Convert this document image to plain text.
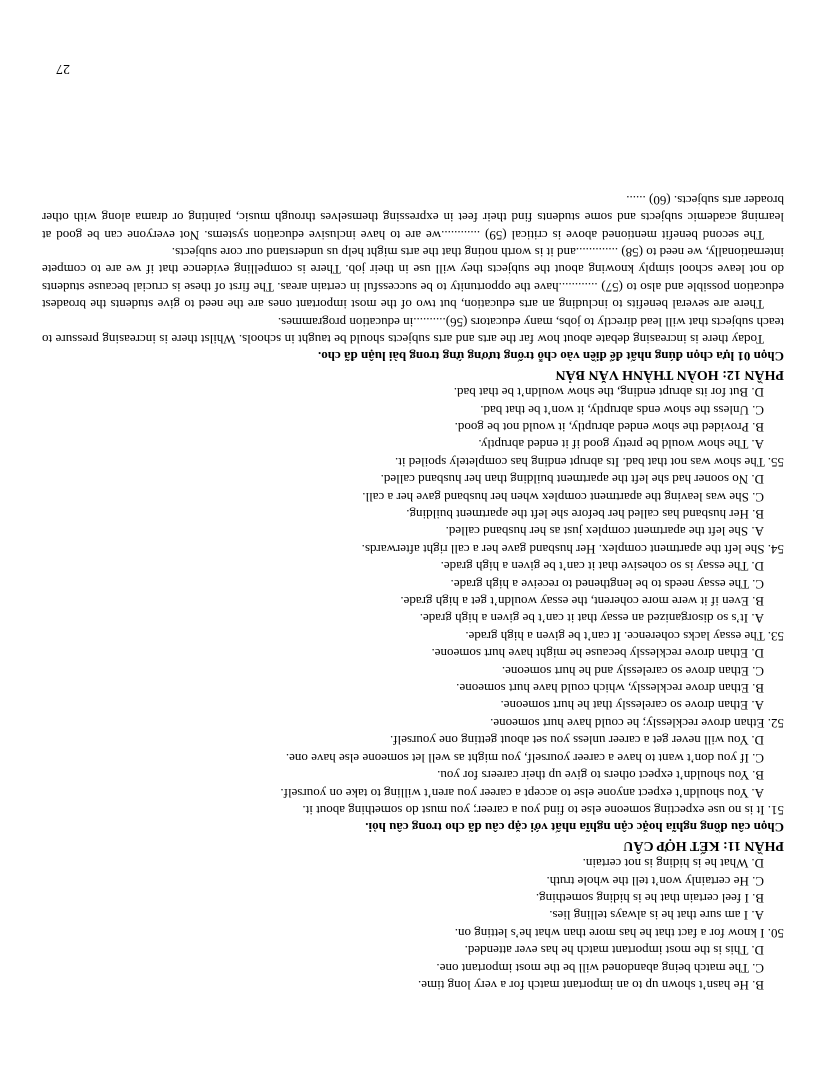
B. He hasn’t shown up to an important match for a very long time.
C. The match being abandoned will be the most important one.
D. This is the most important match he has ever attended.
50. I know for a fact that he has more than what he’s letting on.
A. I am sure that he is always telling lies.
B. I feel certain that he is hiding something.
C. He certainly won’t tell the whole truth.
D. What he is hiding is not certain.
PHẦN 11: KẾT HỢP CÂU
Chọn câu đồng nghĩa hoặc cận nghĩa nhất với cặp câu đã cho trong câu hỏi.
51. It is no use expecting someone else to find you a career; you must do something about it.
A. You shouldn’t expect anyone else to accept a career you aren’t willing to take on yourself.
B. You shouldn’t expect others to give up their careers for you.
C. If you don’t want to have a career yourself, you might as well let someone else have one.
D. You will never get a career unless you set about getting one yourself.
52. Ethan drove recklessly; he could have hurt someone.
A. Ethan drove so carelessly that he hurt someone.
B. Ethan drove recklessly, which could have hurt someone.
C. Ethan drove so carelessly and he hurt someone.
D. Ethan drove recklessly because he might have hurt someone.
53. The essay lacks coherence. It can’t be given a high grade.
A. It’s so disorganized an essay that it can’t be given a high grade.
B. Even if it were more coherent, the essay wouldn’t get a high grade.
C. The essay needs to be lengthened to receive a high grade.
D. The essay is so cohesive that it can’t be given a high grade.
54. She left the apartment complex. Her husband gave her a call right afterwards.
A. She left the apartment complex just as her husband called.
B. Her husband has called her before she left the apartment building.
C. She was leaving the apartment complex when her husband gave her a call.
D. No sooner had she left the apartment building than her husband called.
55. The show was not that bad. Its abrupt ending has completely spoiled it.
A. The show would be pretty good if it ended abruptly.
B. Provided the show ended abruptly, it would not be good.
C. Unless the show ends abruptly, it won’t be that bad.
D. But for its abrupt ending, the show wouldn’t be that bad.
PHẦN 12: HOÀN THÀNH VĂN BẢN
Chọn 01 lựa chọn đúng nhất để điền vào chỗ trống tương ứng trong bài luận đã cho.
Today there is increasing debate about how far the arts and arts subjects should be taught in schools. Whilst there is increasing pressure to teach subjects that will lead directly to jobs, many educators (56)..........in education programmes.
There are several benefits to including an arts education, but two of the most important ones are the need to give students the broadest education possible and also to (57) ............have the opportunity to be successful in certain areas. The first of these is crucial because students do not leave school simply knowing about the subjects they will use in their job. There is compelling evidence that if we are to compete internationally, we need to (58) .............and it is worth noting that the arts might help us understand our core subjects.
The second benefit mentioned above is critical (59) ............we are to have inclusive education systems. Not everyone can be good at learning academic subjects and some students find their feet in expressing themselves through music, painting or drama along with other broader arts subjects. (60) ......
27
